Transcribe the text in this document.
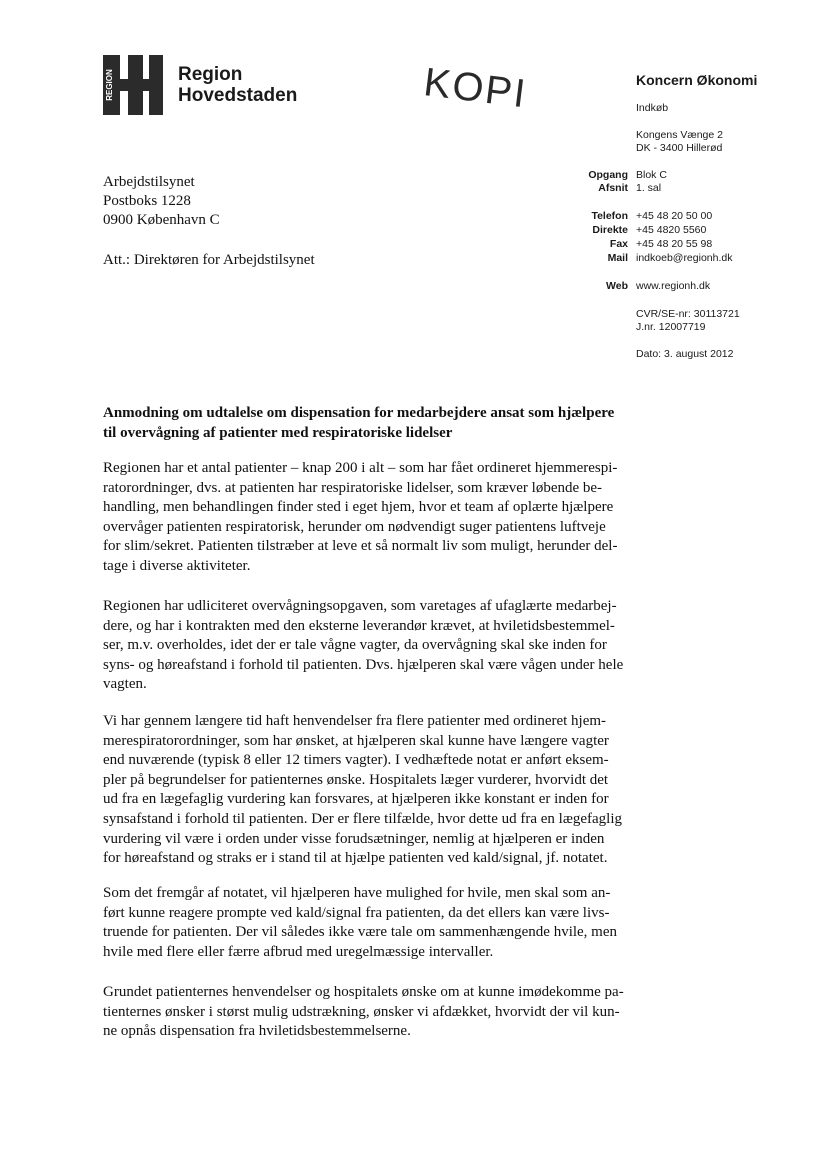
REGION	Region
Hovedstaden	KOPI	Koncern Økonomi
Indkøb
Kongens Vænge 2
DK - 3400 Hillerød
Opgang Blok C
Afsnit 1. sal
Telefon +45 48 20 50 00
Direkte +45 4820 5560
Fax +45 48 20 55 98
Mail indkoeb@regionh.dk
Web www.regionh.dk
CVR/SE-nr: 30113721
J.nr. 12007719
Dato: 3. august 2012
Arbejdstilsynet
Postboks 1228
0900 København C
Att.: Direktøren for Arbejdstilsynet
Anmodning om udtalelse om dispensation for medarbejdere ansat som hjælpere
til overvågning af patienter med respiratoriske lidelser
Regionen har et antal patienter – knap 200 i alt – som har fået ordineret hjemmerespi-
ratorordninger, dvs. at patienten har respiratoriske lidelser, som kræver løbende be-
handling, men behandlingen finder sted i eget hjem, hvor et team af oplærte hjælpere
overvåger patienten respiratorisk, herunder om nødvendigt suger patientens luftveje
for slim/sekret. Patienten tilstræber at leve et så normalt liv som muligt, herunder del-
tage i diverse aktiviteter.
Regionen har udliciteret overvågningsopgaven, som varetages af ufaglærte medarbej-
dere, og har i kontrakten med den eksterne leverandør krævet, at hviletidsbestemmel-
ser, m.v. overholdes, idet der er tale vågne vagter, da overvågning skal ske inden for
syns- og høreafstand i forhold til patienten. Dvs. hjælperen skal være vågen under hele
vagten.
Vi har gennem længere tid haft henvendelser fra flere patienter med ordineret hjem-
merespiratorordninger, som har ønsket, at hjælperen skal kunne have længere vagter
end nuværende (typisk 8 eller 12 timers vagter). I vedhæftede notat er anført eksem-
pler på begrundelser for patienternes ønske. Hospitalets læger vurderer, hvorvidt det
ud fra en lægefaglig vurdering kan forsvares, at hjælperen ikke konstant er inden for
synsafstand i forhold til patienten. Der er flere tilfælde, hvor dette ud fra en lægefaglig
vurdering vil være i orden under visse forudsætninger, nemlig at hjælperen er inden
for høreafstand og straks er i stand til at hjælpe patienten ved kald/signal, jf. notatet.
Som det fremgår af notatet, vil hjælperen have mulighed for hvile, men skal som an-
ført kunne reagere prompte ved kald/signal fra patienten, da det ellers kan være livs-
truende for patienten. Der vil således ikke være tale om sammenhængende hvile, men
hvile med flere eller færre afbrud med uregelmæssige intervaller.
Grundet patienternes henvendelser og hospitalets ønske om at kunne imødekomme pa-
tienternes ønsker i størst mulig udstrækning, ønsker vi afdækket, hvorvidt der vil kun-
ne opnås dispensation fra hviletidsbestemmelserne.
